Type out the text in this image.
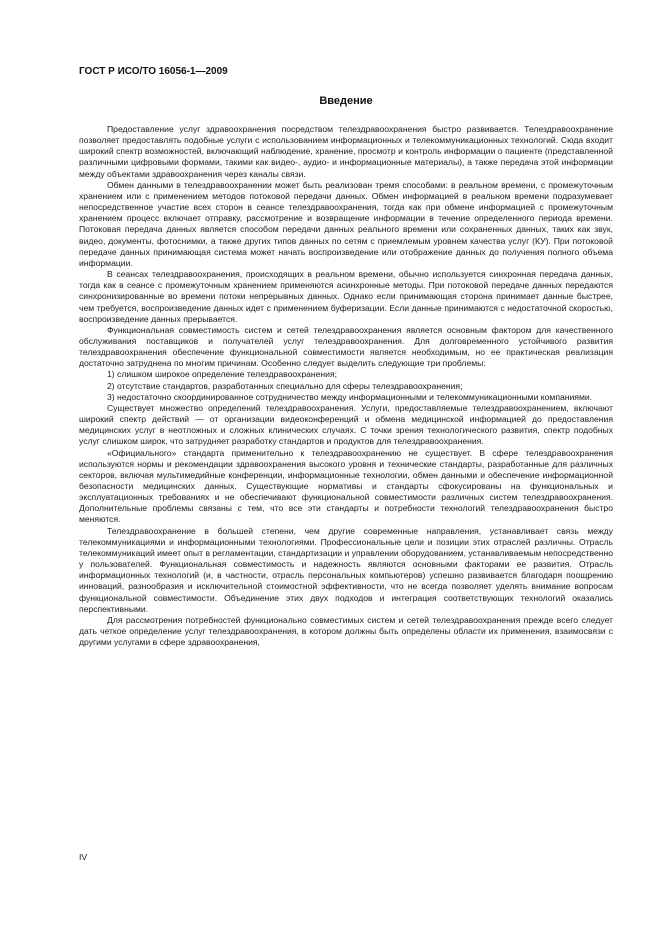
ГОСТ Р ИСО/ТО 16056-1—2009
Введение

Предоставление услуг здравоохранения посредством телездравоохранения быстро развивается. Телездравоохранение позволяет предоставлять подобные услуги с использованием информационных и телекоммуникационных технологий. Сюда входит широкий спектр возможностей, включающий наблюдение, хранение, просмотр и контроль информации о пациенте (представленной различными цифровыми формами, такими как видео-, аудио- и информационные материалы), а также передача этой информации между объектами здравоохранения через каналы связи.

Обмен данными в телездравоохранении может быть реализован тремя способами: в реальном времени, с промежуточным хранением или с применением методов потоковой передачи данных. Обмен информацией в реальном времени подразумевает непосредственное участие всех сторон в сеансе телездравоохранения, тогда как при обмене информацией с промежуточным хранением процесс включает отправку, рассмотрение и возвращение информации в течение определенного периода времени. Потоковая передача данных является способом передачи данных реального времени или сохраненных данных, таких как звук, видео, документы, фотоснимки, а также других типов данных по сетям с приемлемым уровнем качества услуг (КУ). При потоковой передаче данных принимающая система может начать воспроизведение или отображение данных до получения полного объема информации.

В сеансах телездравоохранения, происходящих в реальном времени, обычно используется синхронная передача данных, тогда как в сеансе с промежуточным хранением применяются асинхронные методы. При потоковой передаче данных передаются синхронизированные во времени потоки непрерывных данных. Однако если принимающая сторона принимает данные быстрее, чем требуется, воспроизведение данных идет с применением буферизации. Если данные принимаются с недостаточной скоростью, воспроизведение данных прерывается.

Функциональная совместимость систем и сетей телездравоохранения является основным фактором для качественного обслуживания поставщиков и получателей услуг телездравоохранения. Для долговременного устойчивого развития телездравоохранения обеспечение функциональной совместимости является необходимым, но ее практическая реализация достаточно затруднена по многим причинам. Особенно следует выделить следующие три проблемы:

1) слишком широкое определение телездравоохранения;

2) отсутствие стандартов, разработанных специально для сферы телездравоохранения;

3) недостаточно скоординированное сотрудничество между информационными и телекоммуникационными компаниями.

Существует множество определений телездравоохранения. Услуги, предоставляемые телездравоохранением, включают широкий спектр действий — от организации видеоконференций и обмена медицинской информацией до предоставления медицинских услуг в неотложных и сложных клинических случаях. С точки зрения технологического развития, спектр подобных услуг слишком широк, что затрудняет разработку стандартов и продуктов для телездравоохранения.

«Официального» стандарта применительно к телездравоохранению не существует. В сфере телездравоохранения используются нормы и рекомендации здравоохранения высокого уровня и технические стандарты, разработанные для различных секторов, включая мультимедийные конференции, информационные технологии, обмен данными и обеспечение информационной безопасности медицинских данных. Существующие нормативы и стандарты сфокусированы на функциональных и эксплуатационных требованиях и не обеспечивают функциональной совместимости различных систем телездравоохранения. Дополнительные проблемы связаны с тем, что все эти стандарты и потребности технологий телездравоохранения быстро меняются.

Телездравоохранение в большей степени, чем другие современные направления, устанавливает связь между телекоммуникациями и информационными технологиями. Профессиональные цели и позиции этих отраслей различны. Отрасль телекоммуникаций имеет опыт в регламентации, стандартизации и управлении оборудованием, устанавливаемым непосредственно у пользователей. Функциональная совместимость и надежность являются основными факторами ее развития. Отрасль информационных технологий (и, в частности, отрасль персональных компьютеров) успешно развивается благодаря поощрению инноваций, разнообразия и исключительной стоимостной эффективности, что не всегда позволяет уделять внимание вопросам функциональной совместимости. Объединение этих двух подходов и интеграция соответствующих технологий оказались перспективными.

Для рассмотрения потребностей функционально совместимых систем и сетей телездравоохранения прежде всего следует дать четкое определение услуг телездравоохранения, в котором должны быть определены области их применения, взаимосвязи с другими услугами в сфере здравоохранения,

IV
